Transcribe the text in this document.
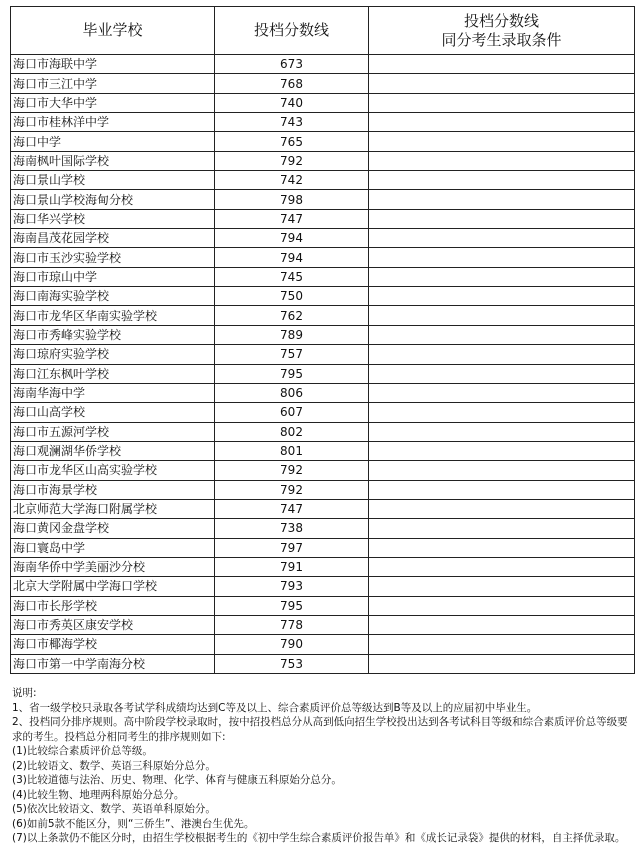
毕业学校	投档分数线	投档分数线
同分考生录取条件

海口市海联中学	673	
海口市三江中学	768	
海口市大华中学	740	
海口市桂林洋中学	743	
海口中学	765	
海南枫叶国际学校	792	
海口景山学校	742	
海口景山学校海甸分校	798	
海口华兴学校	747	
海南昌茂花园学校	794	
海口市玉沙实验学校	794	
海口市琼山中学	745	
海口南海实验学校	750	
海口市龙华区华南实验学校	762	
海口市秀峰实验学校	789	
海口琼府实验学校	757	
海口江东枫叶学校	795	
海南华海中学	806	
海口山高学校	607	
海口市五源河学校	802	
海口观澜湖华侨学校	801	
海口市龙华区山高实验学校	792	
海口市海景学校	792	
北京师范大学海口附属学校	747	
海口黄冈金盘学校	738	
海口寰岛中学	797	
海南华侨中学美丽沙分校	791	
北京大学附属中学海口学校	793	
海口市长彤学校	795	
海口市秀英区康安学校	778	
海口市椰海学校	790	
海口市第一中学南海分校	753	

说明:

1、省一级学校只录取各考试学科成绩均达到C等及以上、综合素质评价总等级达到B等及以上的应届初中毕业生。

2、投档同分排序规则。高中阶段学校录取时，按中招投档总分从高到低向招生学校投出达到各考试科目等级和综合素质评价总等级要求的考生。投档总分相同考生的排序规则如下:

(1)比较综合素质评价总等级。

(2)比较语文、数学、英语三科原始分总分。

(3)比较道德与法治、历史、物理、化学、体育与健康五科原始分总分。

(4)比较生物、地理两科原始分总分。

(5)依次比较语文、数学、英语单科原始分。

(6)如前5款不能区分，则“三侨生”、港澳台生优先。

(7)以上条款仍不能区分时，由招生学校根据考生的《初中学生综合素质评价报告单》和《成长记录袋》提供的材料，自主择优录取。
